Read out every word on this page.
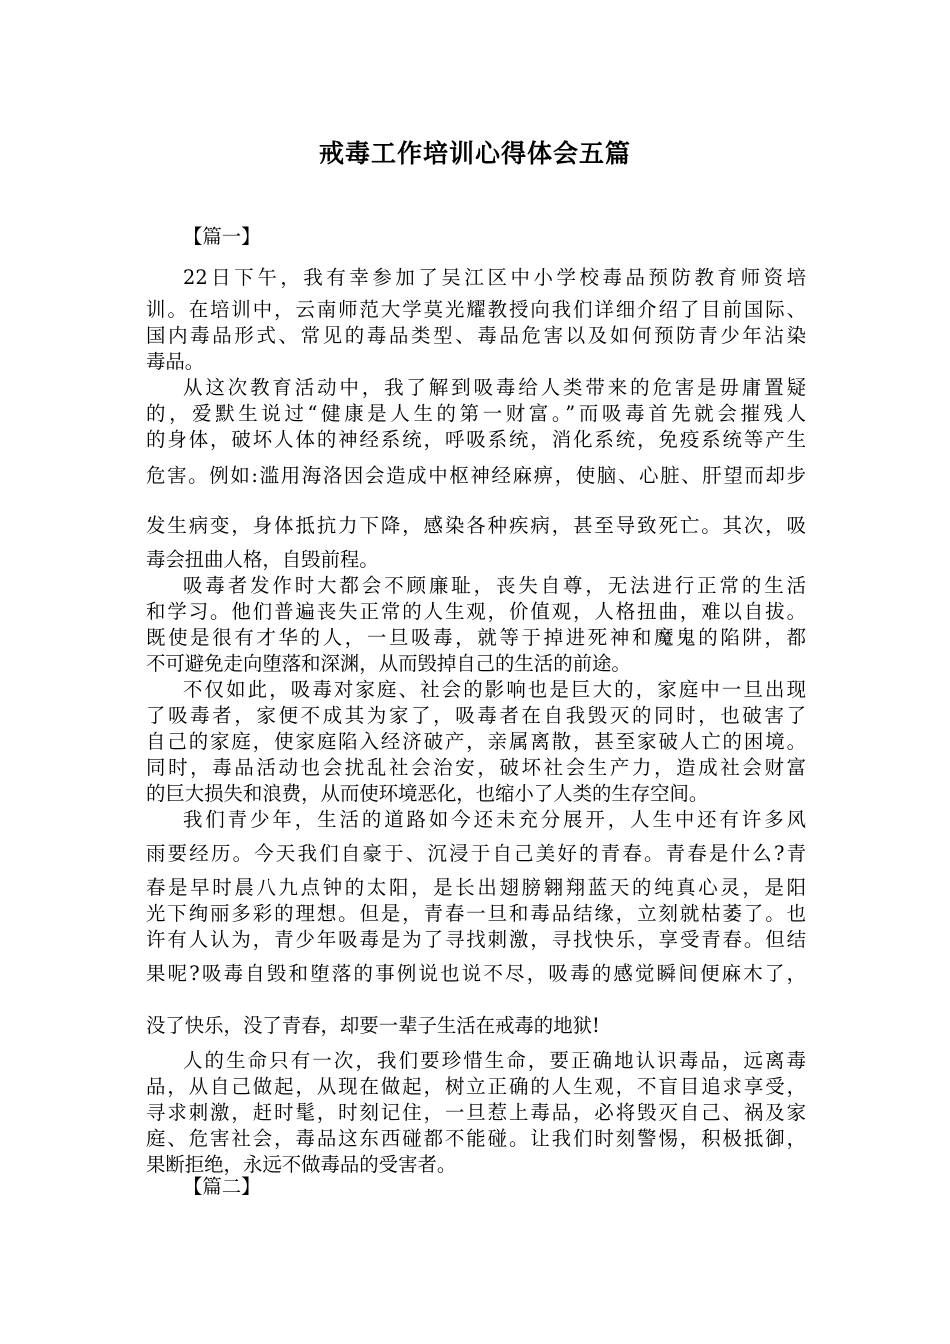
戒毒工作培训心得体会五篇
【篇一】
22日下午，我有幸参加了吴江区中小学校毒品预防教育师资培
训。在培训中，云南师范大学莫光耀教授向我们详细介绍了目前国际、
国内毒品形式、常见的毒品类型、毒品危害以及如何预防青少年沾染
毒品。
从这次教育活动中，我了解到吸毒给人类带来的危害是毋庸置疑
的，爱默生说过“健康是人生的第一财富。”而吸毒首先就会摧残人
的身体，破坏人体的神经系统，呼吸系统，消化系统，免疫系统等产生
危害。例如:滥用海洛因会造成中枢神经麻痹，使脑、心脏、肝望而却步
发生病变，身体抵抗力下降，感染各种疾病，甚至导致死亡。其次，吸
毒会扭曲人格，自毁前程。
吸毒者发作时大都会不顾廉耻，丧失自尊，无法进行正常的生活
和学习。他们普遍丧失正常的人生观，价值观，人格扭曲，难以自拔。
既使是很有才华的人，一旦吸毒，就等于掉进死神和魔鬼的陷阱，都
不可避免走向堕落和深渊，从而毁掉自己的生活的前途。
不仅如此，吸毒对家庭、社会的影响也是巨大的，家庭中一旦出现
了吸毒者，家便不成其为家了，吸毒者在自我毁灭的同时，也破害了
自己的家庭，使家庭陷入经济破产，亲属离散，甚至家破人亡的困境。
同时，毒品活动也会扰乱社会治安，破坏社会生产力，造成社会财富
的巨大损失和浪费，从而使环境恶化，也缩小了人类的生存空间。
我们青少年，生活的道路如今还未充分展开，人生中还有许多风
雨要经历。今天我们自豪于、沉浸于自己美好的青春。青春是什么?青
春是早时晨八九点钟的太阳，是长出翅膀翱翔蓝天的纯真心灵，是阳
光下绚丽多彩的理想。但是，青春一旦和毒品结缘，立刻就枯萎了。也
许有人认为，青少年吸毒是为了寻找刺激，寻找快乐，享受青春。但结
果呢?吸毒自毁和堕落的事例说也说不尽，吸毒的感觉瞬间便麻木了，
没了快乐，没了青春，却要一辈子生活在戒毒的地狱!
人的生命只有一次，我们要珍惜生命，要正确地认识毒品，远离毒
品，从自己做起，从现在做起，树立正确的人生观，不盲目追求享受，
寻求刺激，赶时髦，时刻记住，一旦惹上毒品，必将毁灭自己、祸及家
庭、危害社会，毒品这东西碰都不能碰。让我们时刻警惕，积极抵御，
果断拒绝，永远不做毒品的受害者。
【篇二】
